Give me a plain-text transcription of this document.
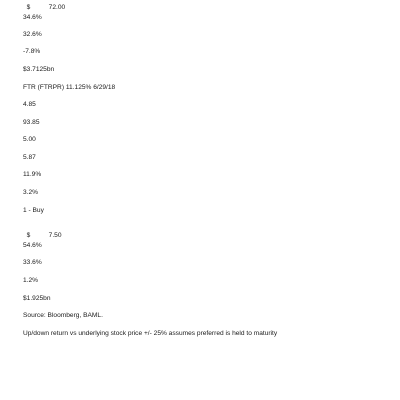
$	72.00

34.6%
32.6%
-7.8%
$3.7125bn
FTR (FTRPR) 11.125% 6/29/18
4.85
93.85
5.00
5.87
11.9%
3.2%
1 - Buy

$	7.50

54.6%
33.6%
1.2%
$1.925bn
Source: Bloomberg, BAML.
Up/down return vs underlying stock price +/- 25% assumes preferred is held to maturity
